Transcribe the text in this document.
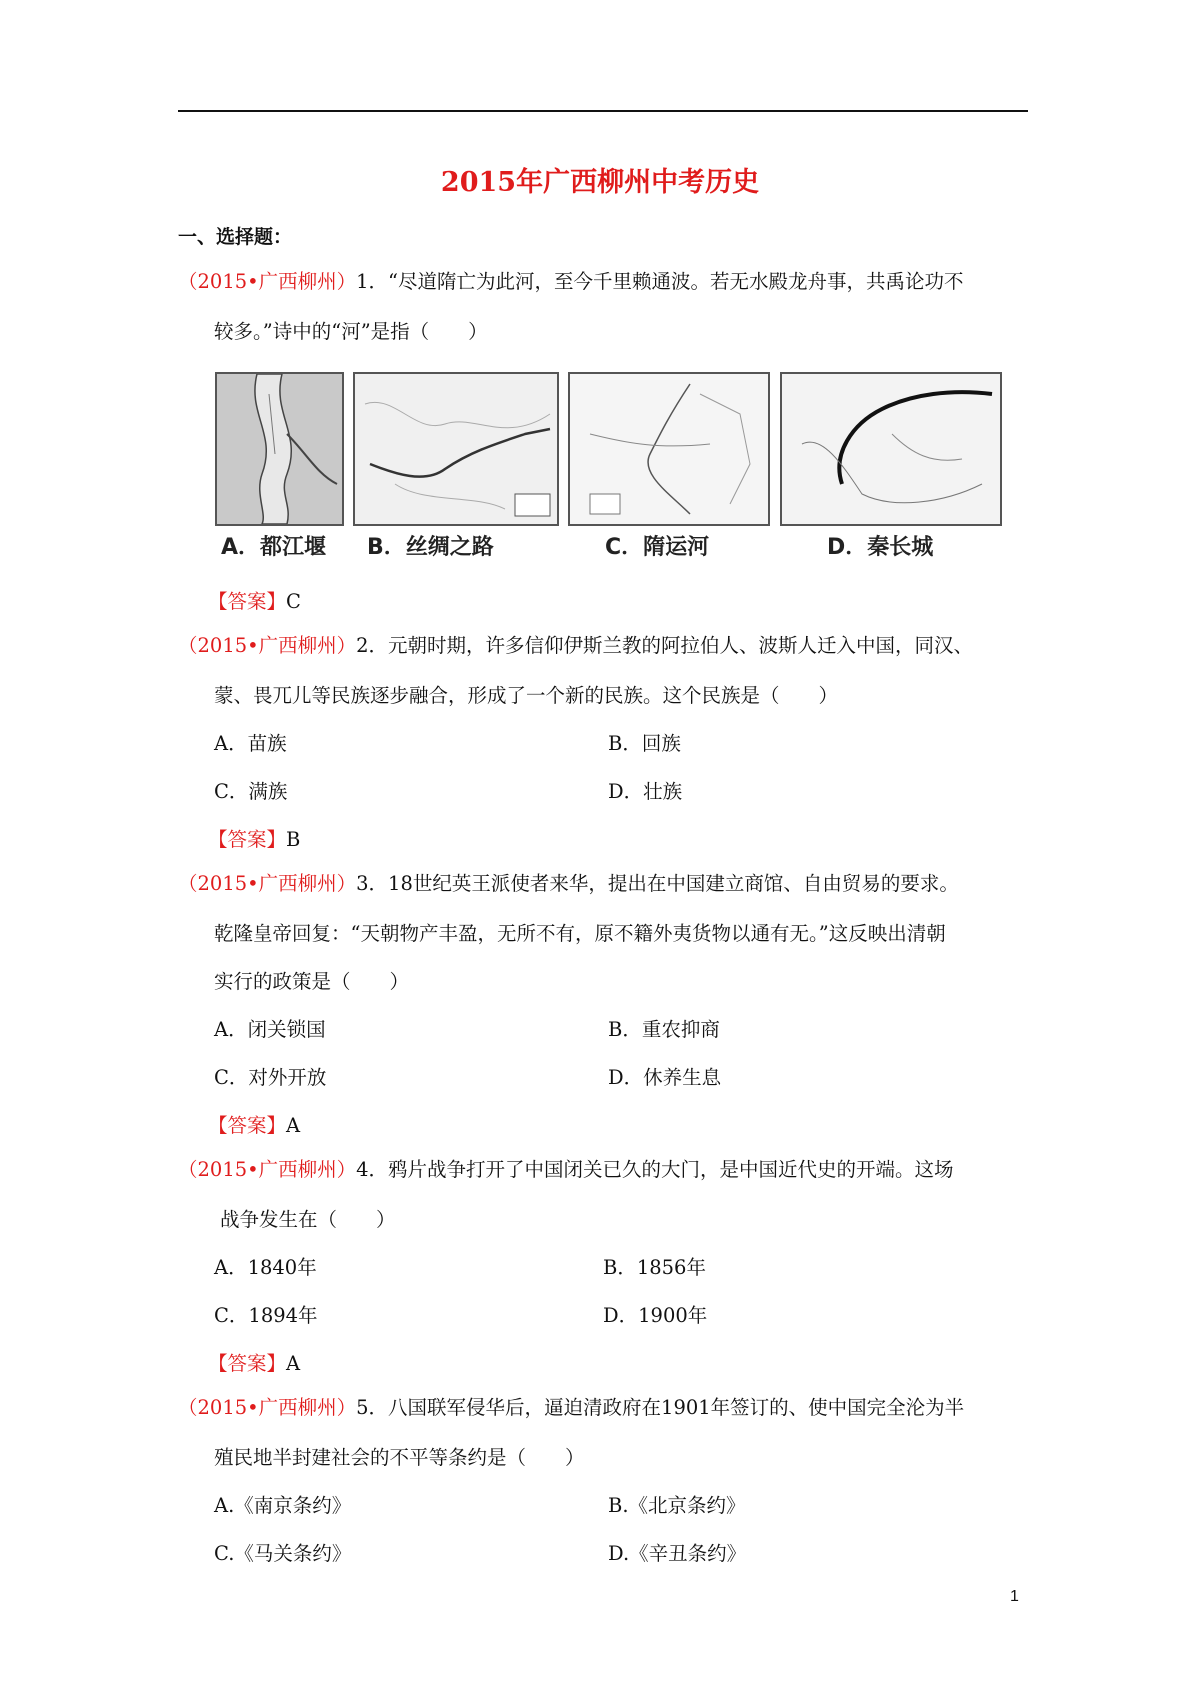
2015年广西柳州中考历史
一、选择题：
（2015•广西柳州）1．“尽道隋亡为此河，至今千里赖通波。若无水殿龙舟事，共禹论功不
较多。”诗中的“河”是指（　　）
A．都江堰 B．丝绸之路	C．隋运河	D．秦长城
【答案】C
（2015•广西柳州）2．元朝时期，许多信仰伊斯兰教的阿拉伯人、波斯人迁入中国，同汉、
蒙、畏兀儿等民族逐步融合，形成了一个新的民族。这个民族是（　　）
A．苗族	B．回族
C．满族	D．壮族
【答案】B
（2015•广西柳州）3．18世纪英王派使者来华，提出在中国建立商馆、自由贸易的要求。
乾隆皇帝回复：“天朝物产丰盈，无所不有，原不籍外夷货物以通有无。”这反映出清朝
实行的政策是（　　）
A．闭关锁国	B．重农抑商
C．对外开放	D．休养生息
【答案】A
（2015•广西柳州）4．鸦片战争打开了中国闭关已久的大门，是中国近代史的开端。这场
战争发生在（　　）
A．1840年	B．1856年
C．1894年	D．1900年
【答案】A
（2015•广西柳州）5．八国联军侵华后，逼迫清政府在1901年签订的、使中国完全沦为半
殖民地半封建社会的不平等条约是（　　）
A.《南京条约》	B.《北京条约》
C.《马关条约》	D.《辛丑条约》
1
